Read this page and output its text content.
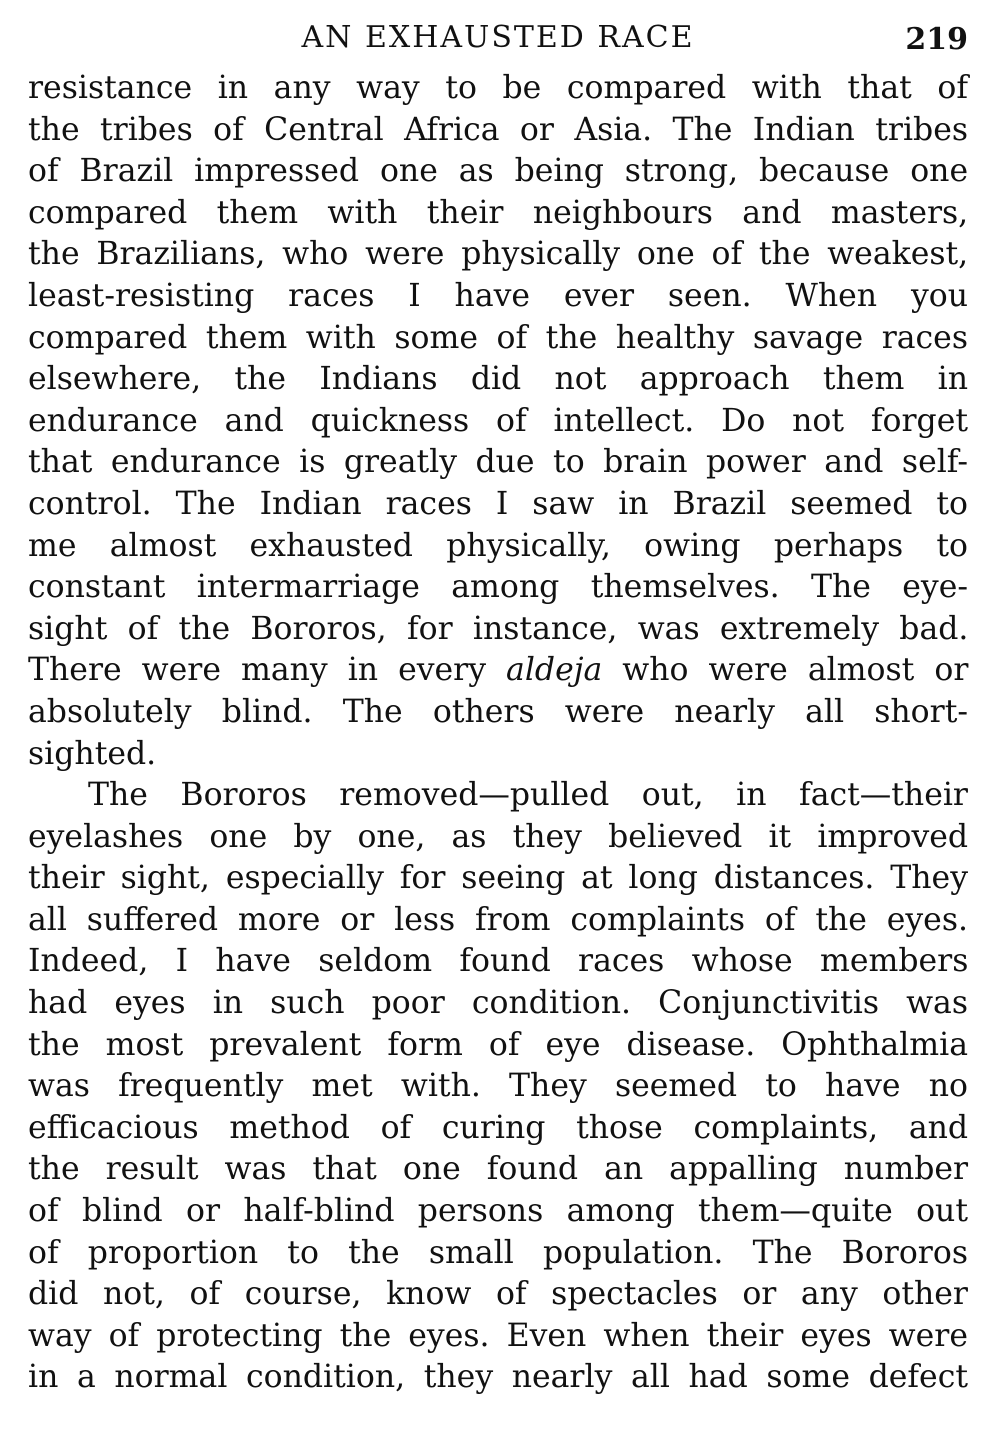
AN EXHAUSTED RACE	219

resistance in any way to be compared with that of
the tribes of Central Africa or Asia. The Indian tribes
of Brazil impressed one as being strong, because one
compared them with their neighbours and masters,
the Brazilians, who were physically one of the weakest,
least-resisting races I have ever seen. When you
compared them with some of the healthy savage races
elsewhere, the Indians did not approach them in
endurance and quickness of intellect. Do not forget
that endurance is greatly due to brain power and self-
control. The Indian races I saw in Brazil seemed to
me almost exhausted physically, owing perhaps to
constant intermarriage among themselves. The eye-
sight of the Bororos, for instance, was extremely bad.
There were many in every aldeja who were almost or
absolutely blind. The others were nearly all short-
sighted.

The Bororos removed—pulled out, in fact—their
eyelashes one by one, as they believed it improved
their sight, especially for seeing at long distances. They
all suffered more or less from complaints of the eyes.
Indeed, I have seldom found races whose members
had eyes in such poor condition. Conjunctivitis was
the most prevalent form of eye disease. Ophthalmia
was frequently met with. They seemed to have no
efficacious method of curing those complaints, and
the result was that one found an appalling number
of blind or half-blind persons among them—quite out
of proportion to the small population. The Bororos
did not, of course, know of spectacles or any other
way of protecting the eyes. Even when their eyes were
in a normal condition, they nearly all had some defect
